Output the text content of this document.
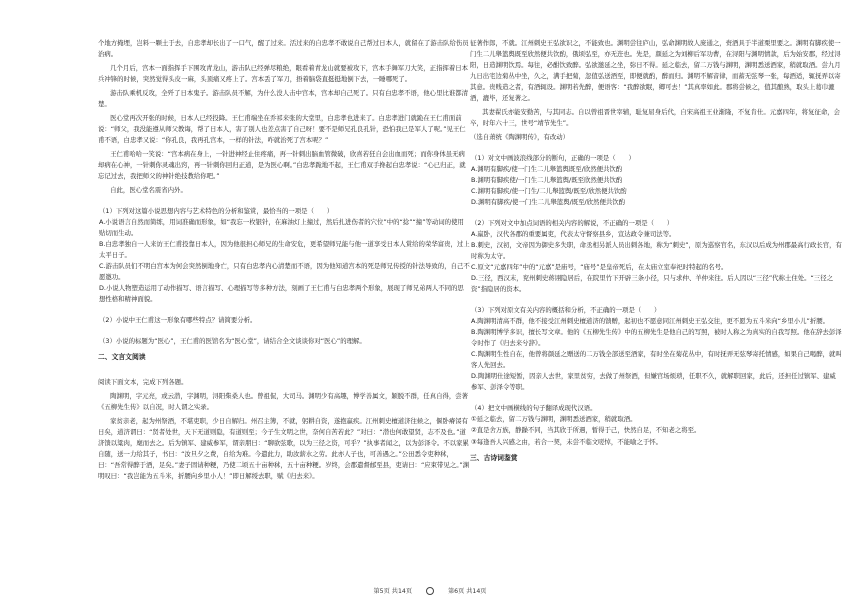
个地方掩埋，岂料一颗土于去，自忠孝却长出了一口气，醒了过来。活过来的自忠孝不敢说自己帮过日本人，就留在了游击队给伤员治病。

几个月后，宫本一面指挥手下围攻青龙山，游击队已经弹尽粮绝，眼看着青龙山就要被攻下，宫本手舞军刀大笑，正指挥着日本兵冲锋的时候，突然觉得头皮一麻，头顶痛又疼上了。宫本丢了军刀，捂着脑袋直挺挺地倒下去，一睡哪死了。

游击队乘机反攻，全歼了日本鬼子。游击队员不解，为什么没人击中宫本，宫本却自己死了。只有白忠孝不语，他心里比谁都清楚。

医心堂再次开张的时候，日本人已经投降。王仁甫端坐在乔祁来张的大堂里，白忠孝也进来了。白忠孝进门就跪在王仁甫面前说：“师父，我没能遵从师父教诲，帮了日本人，害了别人也差点害了自己呀！要不是师兄孔良孔针，恐怕我已是军人了呢。”见王仁甫不语，白忠孝又说：“你孔良，我再孔宫本，一样的针法，咋就治死了宫本呢？”

王仁甫哈哈一笑说：“宫本病在身上，一针进神经止住疼痛，再一针刺出脑血管微破，欣喜若狂自会出血而死；而你身体虽无病却病在心神，一针刺你灵魂出窍，再一针刺你回归正道，是为医心啊。”白忠孝跪地不起，王仁甫双手搀起白忠孝说：“心已归正，就忘记过去，我把师父的神针绝技教给你吧。”

自此，医心堂名震省内外。

（1）下列对这篇小说思想内容与艺术特色的分析和鉴赏，最恰当的一项是（　　）

A.小说语言自然而简练，用词准确而形象，如“我忘一枚银针，在麻油灯上撞过，然后扎进伤者的穴位”中的“捻”“撞”等动词的使用贴切而生动。

B.白忠孝独自一人来访王仁甫投靠日本人，因为他很担心师兄的生命安危，更希望师兄能与他一道享受日本人赏给的荣华富贵，过上太平日子。

C.游击队员们不明白宫本为何会突然倒地身亡，只有白忠孝内心清楚而不语，因为他知道宫本的死是师兄传授的针法导致的，自己不愿邀功。

D.小说人物塑造运用了动作描写、语言描写、心理描写等多种方法，刻画了王仁甫与白忠孝两个形象，展现了师兄弟两人不同的思想性格和精神面貌。

（2）小说中王仁甫这一形象有哪些特点？请简要分析。

（3）小说的标题为“医心”，王仁甫的医馆名为“医心堂”，请结合全文谈谈你对“医心”的理解。

二、文言文阅读

阅读下面文本，完成下列各题。

陶渊明，字元亮，或云潜，字渊明，浔阳柴桑人也。曾祖侃，大司马。渊明少有高趣，博学善属文，颖脱不群，任真自得，尝著《五柳先生传》以自况，时人谓之实录。

家贫亲老，起为州祭酒，不堪吏职，少日自解归。州召主簿，不就，躬耕自资，遂抱羸疾。江州刺史檀道济往候之，偃卧瘠馁有日矣，道济谓曰：“贤者处世，天下无道则隐，有道则至；今子生文明之世，奈何自苦若此？”对曰：“潜也何敢望贤，志不及也。”道济馈以粱肉，麾而去之。后为镇军、建威参军，谓亲朋曰：“聊欲弦歌，以为三径之资，可乎？”执事者闻之，以为彭泽令。不以家累自随，送一力给其子，书曰：“汝旦夕之费，自给为难。今遣此力，助汝薪水之劳。此亦人子也，可善遇之。”公田悉令吏种秫，曰：“吾常得醉于酒，足矣。”妻子固请种粳，乃使二顷五十亩种秫，五十亩种粳。岁终，会郡遣督邮至县，吏请曰：“应束带见之。”渊明叹曰：“我岂能为五斗米，折腰向乡里小人！”即日解绶去职，赋《归去来》。

征著作郎，不就。江州刺史王弘欲识之，不能致也。渊明尝往庐山，弘命渊明故人庞通之，赍酒具于半道栗里要之。渊明有脚疾使一门生二儿舉篮舆既至欣然便共饮酌，俄顷弘至，亦无迕也。先是，颜延之为刘柳后军功曹，在浔阳与渊明情款，后为始安郡，经过浔阳，日造渊明饮焉。每往，必酣饮致醉。弘欲邀延之坐，弥日不得。延之临去，留二万钱与渊明，渊明悉送酒家，稍就取酒。尝九月九日出宅边菊丛中坐，久之，满手把菊，忽值弘送酒至，即便就酌，醉而归。渊明不解音律，而蓄无弦琴一张，每酒适，辄抚弄以寄其意。贵贱造之者，有酒辄设。渊明若先醉，便语客：“我醉欲眠，卿可去！”其真率如此。郡将尝候之，值其酿熟，取头上葛巾漉酒，漉毕，还复著之。

其妻翟氏亦能安勤苦，与其同志。自以曾祖晋世宰辅，耻复屈身后代，自宋高祖王业渐隆，不复肯仕。元嘉四年，将复征命，会卒，时年六十三，世号“靖节先生”。

（选自萧统《陶渊明传》，有改动）

（1）对文中画波浪线部分的断句，正确的一项是（　　）

A.渊明有脚疾/使一门生二儿舉篮舆既至/欣然便共饮酌

B.渊明有脚疾使/一门生二儿舉篮舆/既至欣然便共饮酌

C.渊明有脚疾/使一门生/二儿舉篮舆/既至/欣然便共饮酌

D.渊明有脚疾/使一门生二儿舉篮舆/既至/欣然便共饮酌

（2）下列对文中加点词语的相关内容的解说，不正确的一项是（　　）

A.羸卧，汉代各郡的重要属吏，代表太守督察县乡，宣达政令兼司法等。

B.刺史，汉初，文帝因为御史多失职，命丞相另派人员出刺各地，称为“刺史”，原为巡察官名，东汉以后成为州郡最高行政长官，有时称为太守。

C.原文“元嘉四年”中的“元嘉”是庙号，“庙号”是皇帝死后，在太庙立室奉祀时特起的名号。

D.三径，西汉末，兖州刺史蒋诩隐居后，在院里竹下开辟三条小径，只与求仲、羊仲来往。后人因以“三径”代称土住处。“三径之资”指隐居的资本。

（3）下列对原文有关内容的概括和分析，不正确的一项是（　　）

A.陶渊明清高不群，他不接受江州刺史檀道济的馈赠，起初也不愿意同江州刺史王弘交往，更不愿为五斗米向“乡里小儿”折腰。

B.陶渊明博学多识，擅长写文章。他的《五柳先生传》中的五柳先生是他自己的写照，被时人称之为真实的自我写照。他在辞去彭泽令时作了《归去来兮辞》。

C.陶渊明生性自在，他曾将颜延之赠送的二万钱全部送至酒家，有时坐在菊花丛中，有时抚弄无弦琴寄托情感，如果自己喝醉，就叫客人先回去。

D.陶渊明仕途短暂，因亲人去世，家里贫穷，去做了州祭酒，但嫌官场烦琐，任职不久，就解职回家，此后，还担任过镇军、建威参军、彭泽令等职。

（4）把文中画横线的句子翻译成现代汉语。

①延之临去，留二万钱与渊明，渊明悉送酒家，稍就取酒。

②直是舍万族，静躁不同，当其欣于所遇，暂得于己，快然自足，不知老之将至。

③每逢吾人兴感之由，若合一契，未尝不临文嗟悼，不能喻之于怀。

三、古诗词鉴赏
第5页 共14页	第6页 共14页
